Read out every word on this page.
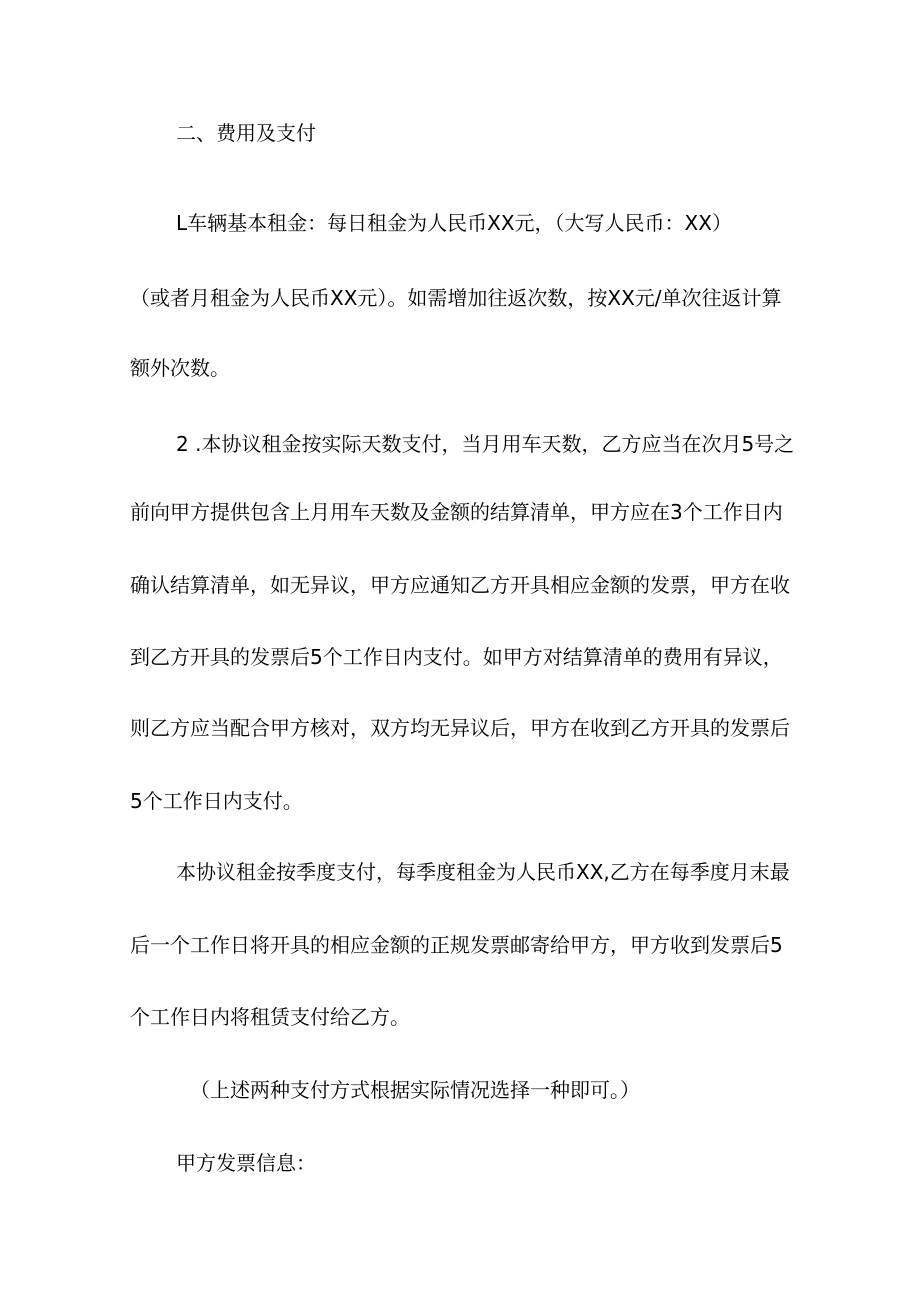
二、费用及支付
L车辆基本租金：每日租金为人民币XX元，（大写人民币：XX）
（或者月租金为人民币XX元）。如需增加往返次数，按XX元/单次往返计算
额外次数。
2 .本协议租金按实际天数支付，当月用车天数，乙方应当在次月5号之
前向甲方提供包含上月用车天数及金额的结算清单，甲方应在3个工作日内
确认结算清单，如无异议，甲方应通知乙方开具相应金额的发票，甲方在收
到乙方开具的发票后5个工作日内支付。如甲方对结算清单的费用有异议，
则乙方应当配合甲方核对，双方均无异议后，甲方在收到乙方开具的发票后
5个工作日内支付。
本协议租金按季度支付，每季度租金为人民币XX,乙方在每季度月末最
后一个工作日将开具的相应金额的正规发票邮寄给甲方，甲方收到发票后5
个工作日内将租赁支付给乙方。
（上述两种支付方式根据实际情况选择一种即可。）
甲方发票信息：
